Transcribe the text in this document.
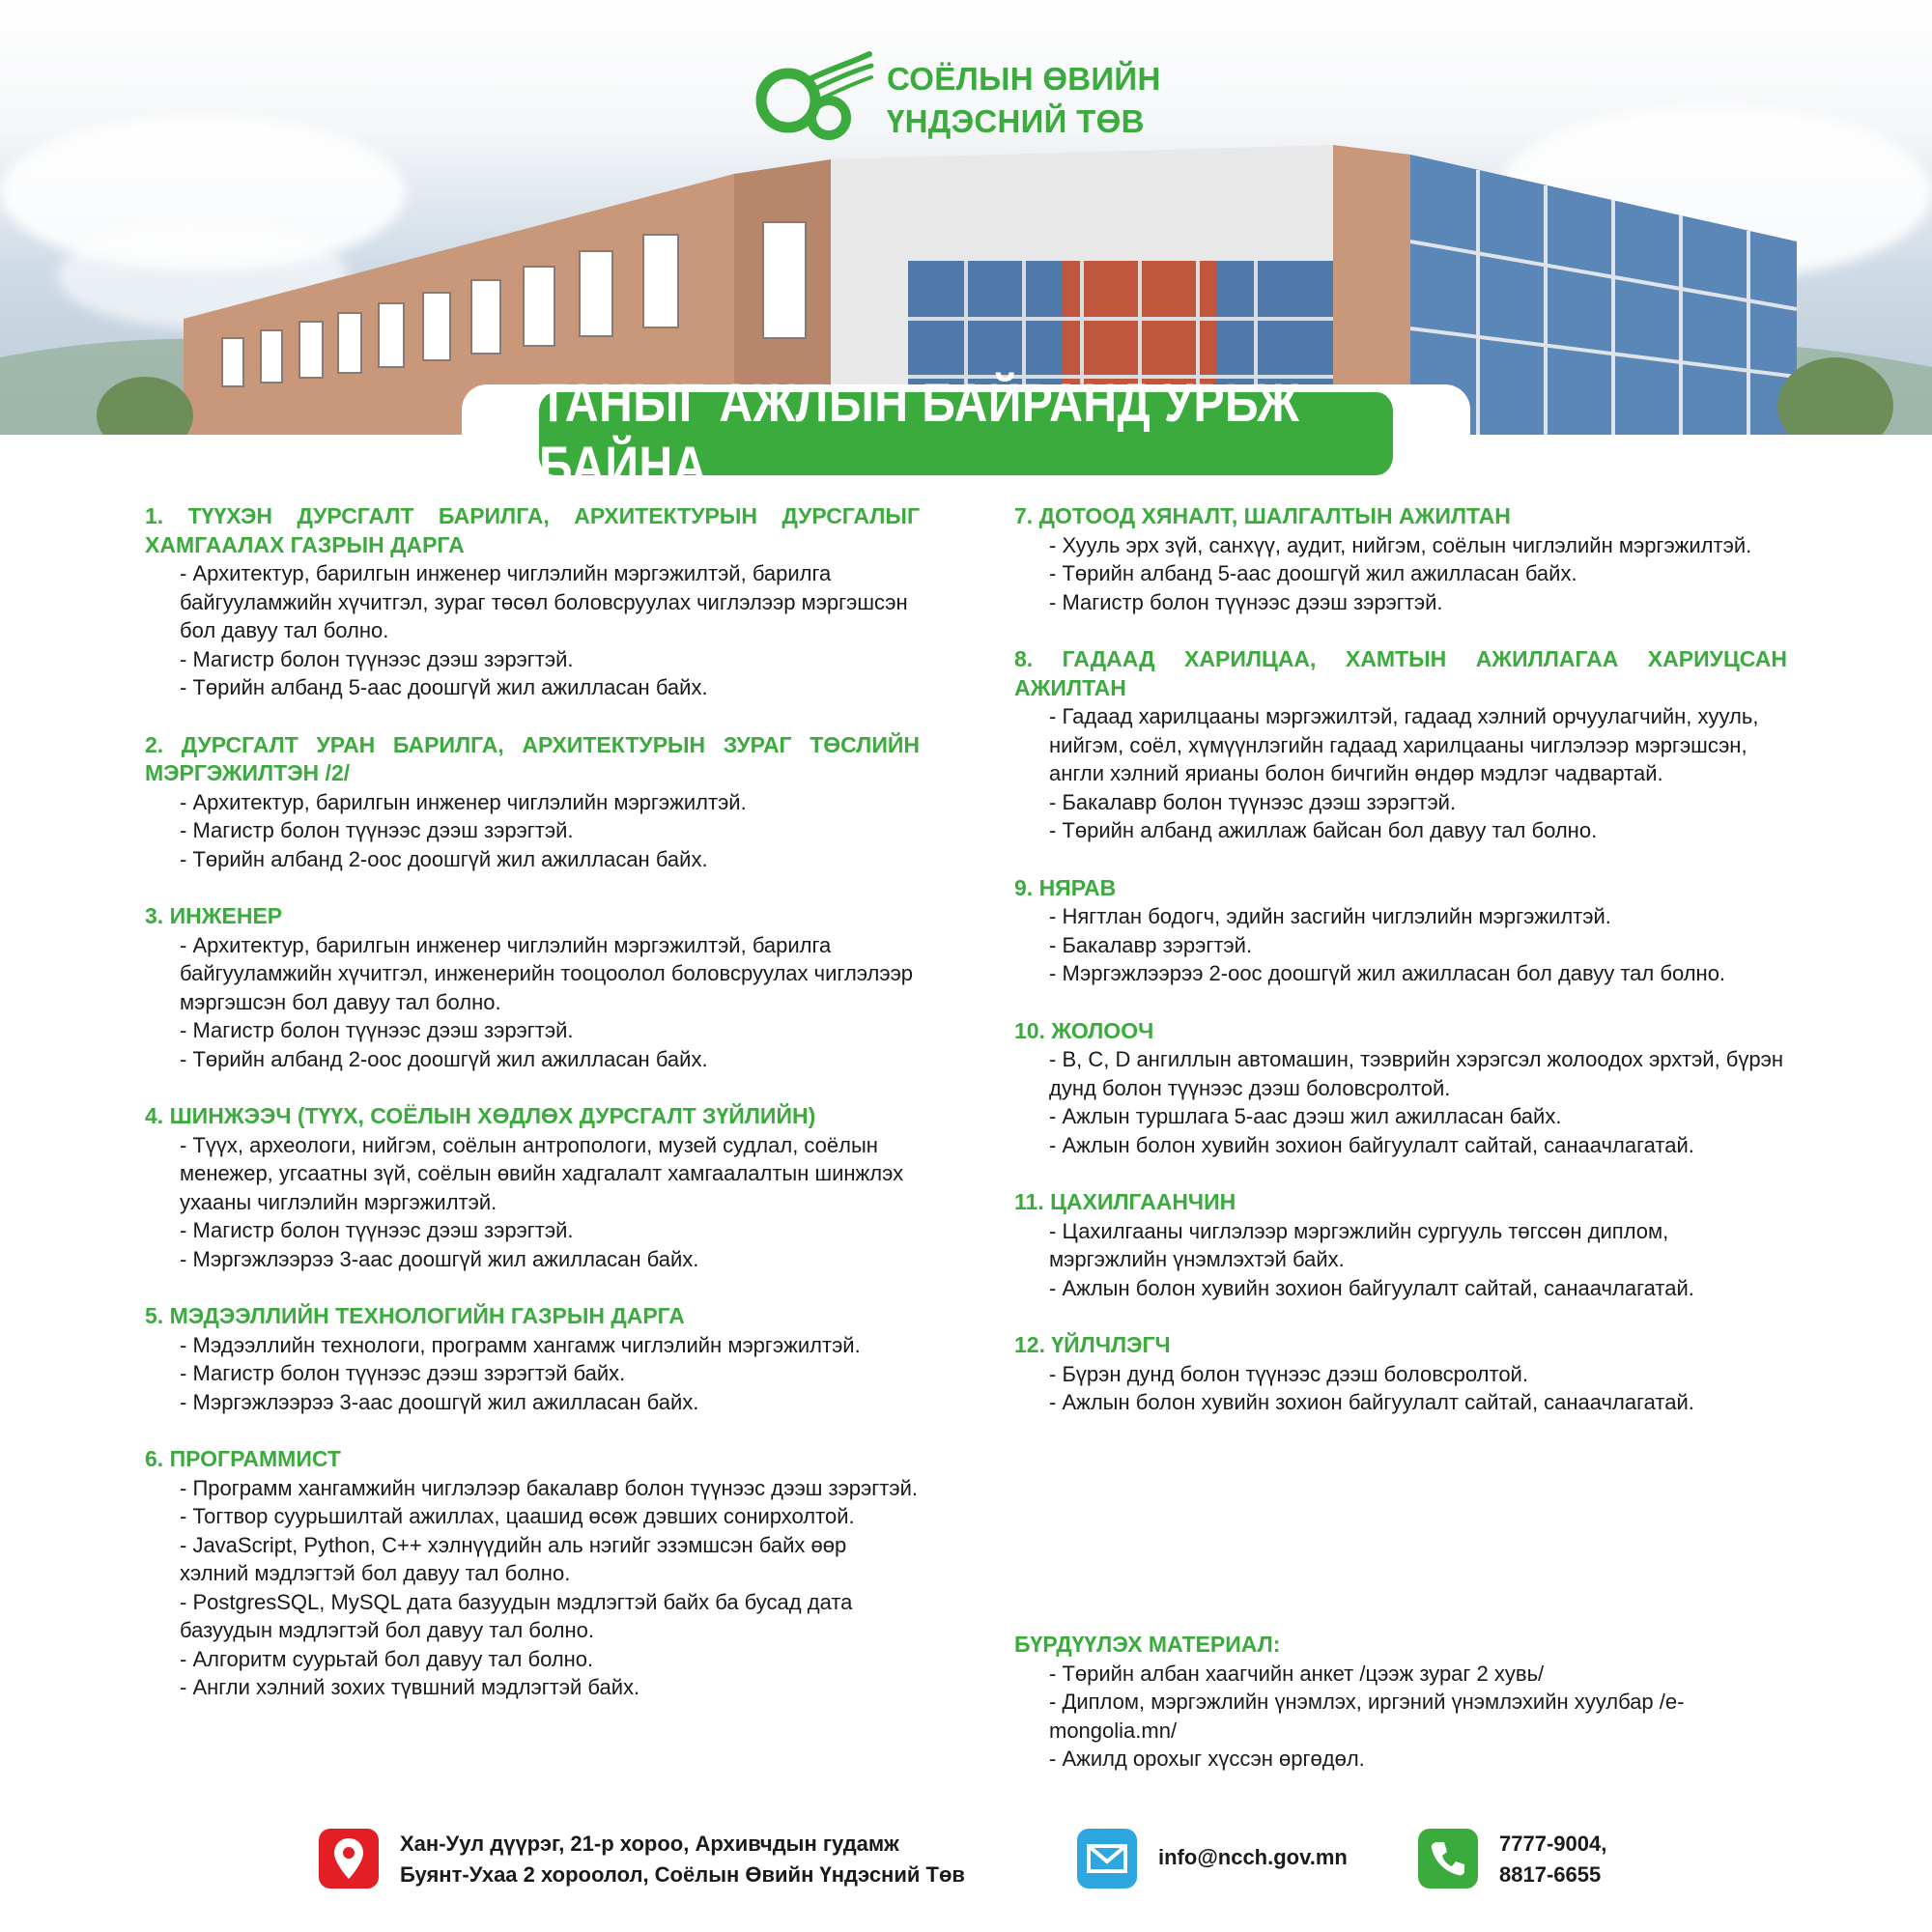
СОЁЛЫН ӨВИЙН
ҮНДЭСНИЙ ТӨВ
ТАНЫГ АЖЛЫН БАЙРАНД УРЬЖ БАЙНА
1. ТҮҮХЭН ДУРСГАЛТ БАРИЛГА, АРХИТЕКТУРЫН ДУРСГАЛЫГ ХАМГААЛАХ ГАЗРЫН ДАРГА
- Архитектур, барилгын инженер чиглэлийн мэргэжилтэй, барилга байгууламжийн хүчитгэл, зураг төсөл боловсруулах чиглэлээр мэргэшсэн бол давуу тал болно.
- Магистр болон түүнээс дээш зэрэгтэй.
- Төрийн албанд 5-аас доошгүй жил ажилласан байх.
2. ДУРСГАЛТ УРАН БАРИЛГА, АРХИТЕКТУРЫН ЗУРАГ ТӨСЛИЙН МЭРГЭЖИЛТЭН /2/
- Архитектур, барилгын инженер чиглэлийн мэргэжилтэй.
- Магистр болон түүнээс дээш зэрэгтэй.
- Төрийн албанд 2-оос доошгүй жил ажилласан байх.
3. ИНЖЕНЕР
- Архитектур, барилгын инженер чиглэлийн мэргэжилтэй, барилга байгууламжийн хүчитгэл, инженерийн тооцоолол боловсруулах чиглэлээр мэргэшсэн бол давуу тал болно.
- Магистр болон түүнээс дээш зэрэгтэй.
- Төрийн албанд 2-оос доошгүй жил ажилласан байх.
4. ШИНЖЭЭЧ (ТҮҮХ, СОЁЛЫН ХӨДЛӨХ ДУРСГАЛТ ЗҮЙЛИЙН)
- Түүх, археологи, нийгэм, соёлын антропологи, музей судлал, соёлын менежер, угсаатны зүй, соёлын өвийн хадгалалт хамгаалалтын шинжлэх ухааны чиглэлийн мэргэжилтэй.
- Магистр болон түүнээс дээш зэрэгтэй.
- Мэргэжлээрээ 3-аас доошгүй жил ажилласан байх.
5. МЭДЭЭЛЛИЙН ТЕХНОЛОГИЙН ГАЗРЫН ДАРГА
- Мэдээллийн технологи, программ хангамж чиглэлийн мэргэжилтэй.
- Магистр болон түүнээс дээш зэрэгтэй байх.
- Мэргэжлээрээ 3-аас доошгүй жил ажилласан байх.
6. ПРОГРАММИСТ
- Программ хангамжийн чиглэлээр бакалавр болон түүнээс дээш зэрэгтэй.
- Тогтвор суурьшилтай ажиллах, цаашид өсөж дэвших сонирхолтой.
- JavaScript, Python, C++ хэлнүүдийн аль нэгийг эзэмшсэн байх өөр хэлний мэдлэгтэй бол давуу тал болно.
- PostgresSQL, MySQL дата базуудын мэдлэгтэй байх ба бусад дата базуудын мэдлэгтэй бол давуу тал болно.
- Алгоритм суурьтай бол давуу тал болно.
- Англи хэлний зохих түвшний мэдлэгтэй байх.
7. ДОТООД ХЯНАЛТ, ШАЛГАЛТЫН АЖИЛТАН
- Хууль эрх зүй, санхүү, аудит, нийгэм, соёлын чиглэлийн мэргэжилтэй.
- Төрийн албанд 5-аас доошгүй жил ажилласан байх.
- Магистр болон түүнээс дээш зэрэгтэй.
8. ГАДААД ХАРИЛЦАА, ХАМТЫН АЖИЛЛАГАА ХАРИУЦСАН АЖИЛТАН
- Гадаад харилцааны мэргэжилтэй, гадаад хэлний орчуулагчийн, хууль, нийгэм, соёл, хүмүүнлэгийн гадаад харилцааны чиглэлээр мэргэшсэн, англи хэлний ярианы болон бичгийн өндөр мэдлэг чадвартай.
- Бакалавр болон түүнээс дээш зэрэгтэй.
- Төрийн албанд ажиллаж байсан бол давуу тал болно.
9. НЯРАВ
- Нягтлан бодогч, эдийн засгийн чиглэлийн мэргэжилтэй.
- Бакалавр зэрэгтэй.
- Мэргэжлээрээ 2-оос доошгүй жил ажилласан бол давуу тал болно.
10. ЖОЛООЧ
- B, C, D ангиллын автомашин, тээврийн хэрэгсэл жолоодох эрхтэй, бүрэн дунд болон түүнээс дээш боловсролтой.
- Ажлын туршлага 5-аас дээш жил ажилласан байх.
- Ажлын болон хувийн зохион байгуулалт сайтай, санаачлагатай.
11. ЦАХИЛГААНЧИН
- Цахилгааны чиглэлээр мэргэжлийн сургууль төгссөн диплом, мэргэжлийн үнэмлэхтэй байх.
- Ажлын болон хувийн зохион байгуулалт сайтай, санаачлагатай.
12. ҮЙЛЧЛЭГЧ
- Бүрэн дунд болон түүнээс дээш боловсролтой.
- Ажлын болон хувийн зохион байгуулалт сайтай, санаачлагатай.
БҮРДҮҮЛЭХ МАТЕРИАЛ:
- Төрийн албан хаагчийн анкет /цээж зураг 2 хувь/
- Диплом, мэргэжлийн үнэмлэх, иргэний үнэмлэхийн хуулбар /e-mongolia.mn/
- Ажилд орохыг хүссэн өргөдөл.
Хан-Уул дүүрэг, 21-р хороо, Архивчдын гудамж
Буянт-Ухаа 2 хороолол, Соёлын Өвийн Үндэсний Төв
info@ncch.gov.mn
7777-9004,
8817-6655
